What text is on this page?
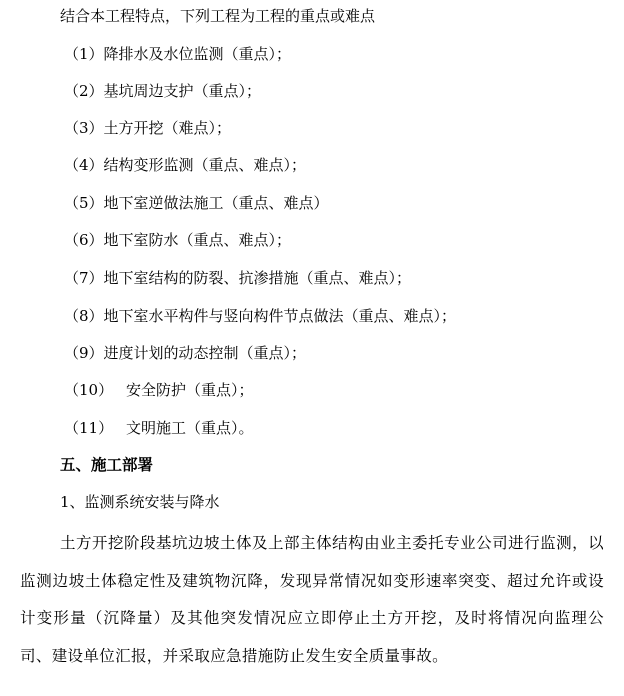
结合本工程特点，下列工程为工程的重点或难点
（1）降排水及水位监测（重点）；
（2）基坑周边支护（重点）；
（3）土方开挖（难点）；
（4）结构变形监测（重点、难点）；
（5）地下室逆做法施工（重点、难点）
（6）地下室防水（重点、难点）；
（7）地下室结构的防裂、抗渗措施（重点、难点）；
（8）地下室水平构件与竖向构件节点做法（重点、难点）；
（9）进度计划的动态控制（重点）；
（10） 安全防护（重点）；
（11） 文明施工（重点）。
五、施工部署
1、监测系统安装与降水
土方开挖阶段基坑边坡土体及上部主体结构由业主委托专业公司进行监测，以监测边坡土体稳定性及建筑物沉降，发现异常情况如变形速率突变、超过允许或设计变形量（沉降量）及其他突发情况应立即停止土方开挖，及时将情况向监理公司、建设单位汇报，并采取应急措施防止发生安全质量事故。
